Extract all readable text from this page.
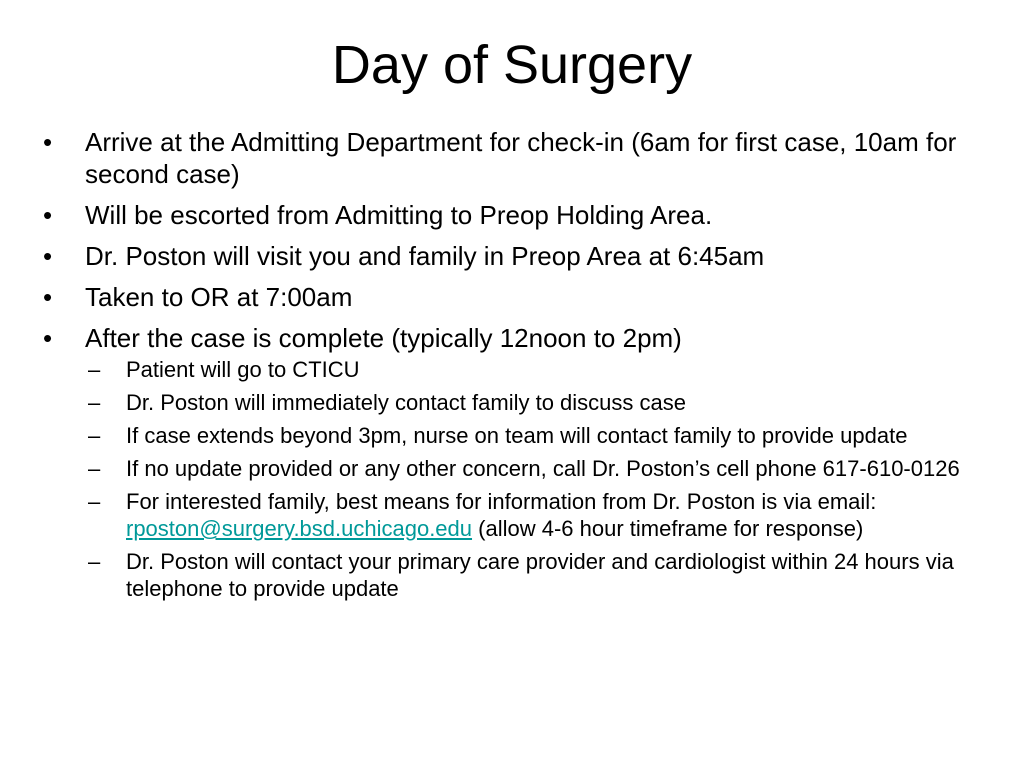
Day of Surgery
• Arrive at the Admitting Department for check-in (6am for first case, 10am for second case)
• Will be escorted from Admitting to Preop Holding Area.
• Dr. Poston will visit you and family in Preop Area at 6:45am
• Taken to OR at 7:00am
• After the case is complete (typically 12noon to 2pm)
– Patient will go to CTICU
– Dr. Poston will immediately contact family to discuss case
– If case extends beyond 3pm, nurse on team will contact family to provide update
– If no update provided or any other concern, call Dr. Poston’s cell phone 617-610-0126
– For interested family, best means for information from Dr. Poston is via email: rposton@surgery.bsd.uchicago.edu (allow 4-6 hour timeframe for response)
– Dr. Poston will contact your primary care provider and cardiologist within 24 hours via telephone to provide update
